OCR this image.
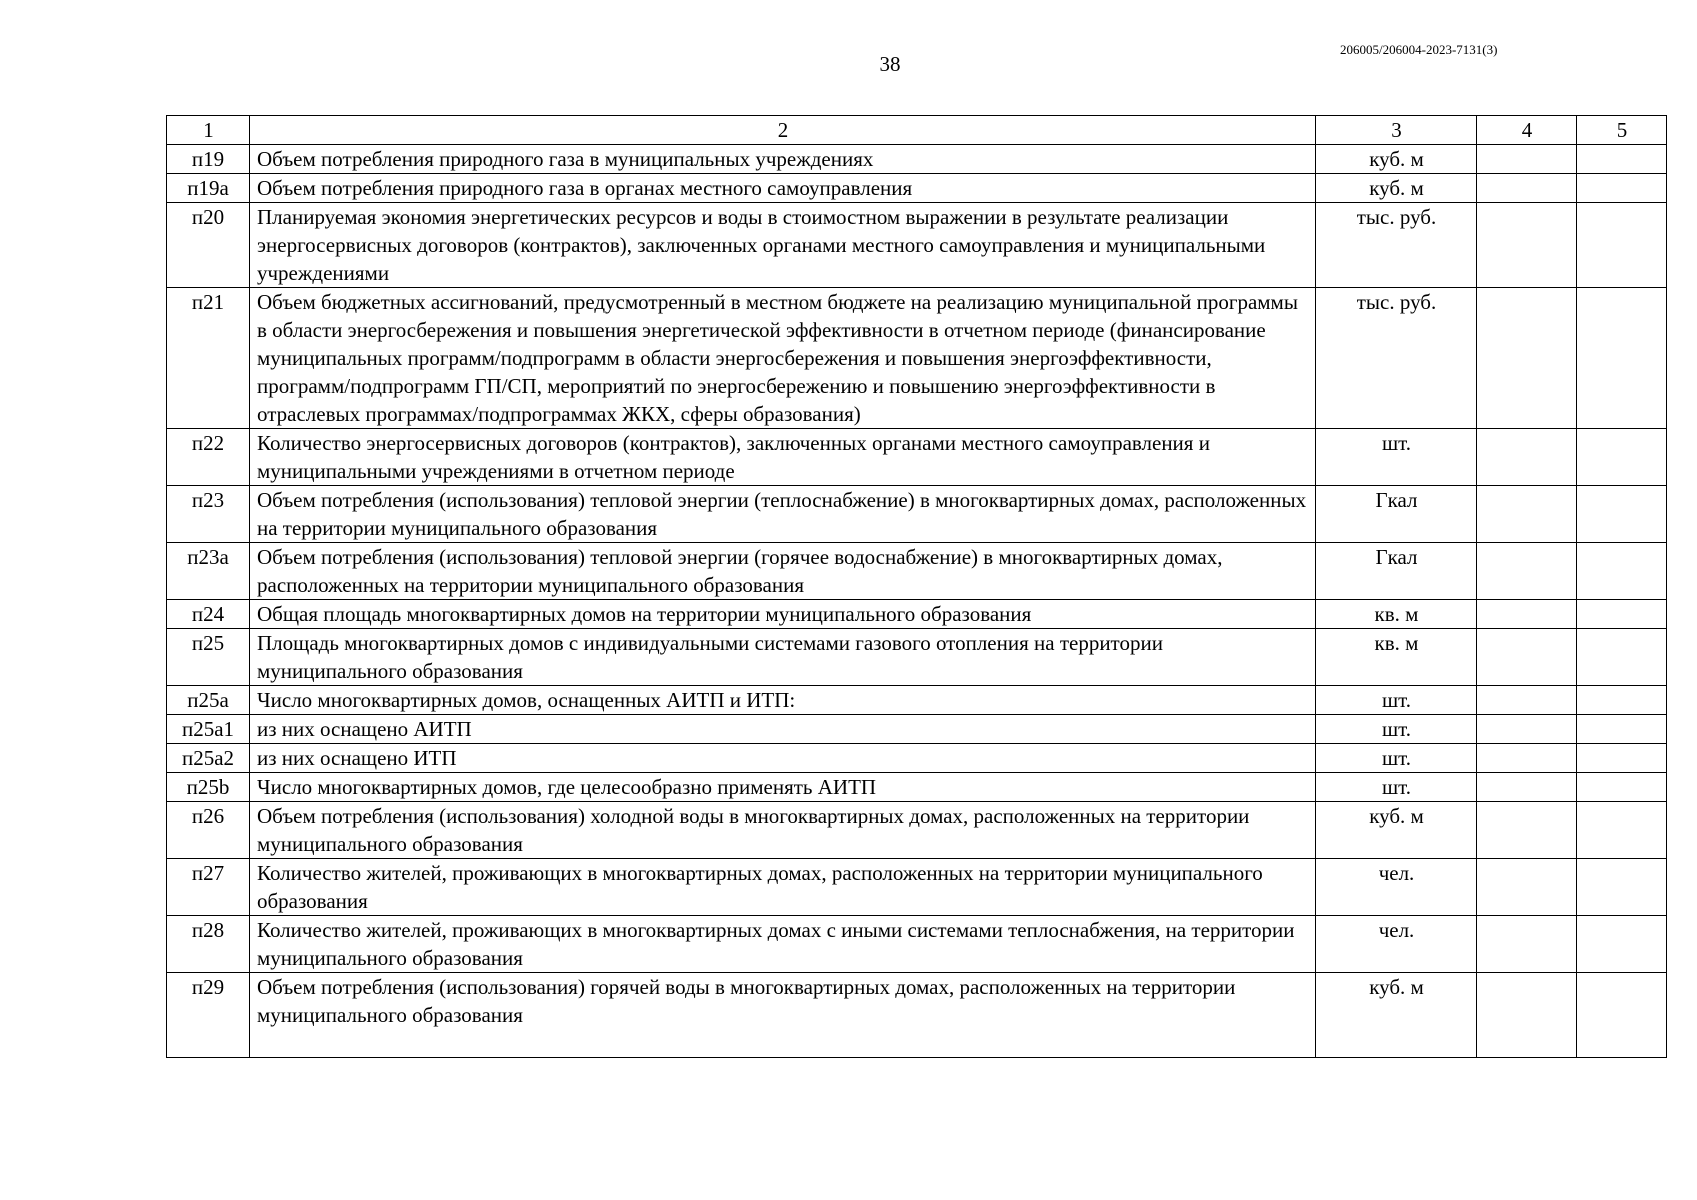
38
206005/206004-2023-7131(3)
1	2	3	4	5
п19	Объем потребления природного газа в муниципальных учреждениях	куб. м		
п19а	Объем потребления природного газа в органах местного самоуправления	куб. м		
п20	Планируемая экономия энергетических ресурсов и воды в стоимостном выражении в результате реализации энергосервисных договоров (контрактов), заключенных органами местного самоуправления и муниципальными учреждениями	тыс. руб.		
п21	Объем бюджетных ассигнований, предусмотренный в местном бюджете на реализацию муниципальной программы в области энергосбережения и повышения энергетической эффективности в отчетном периоде (финансирование муниципальных программ/подпрограмм в области энергосбережения и повышения энергоэффективности, программ/подпрограмм ГП/СП, мероприятий по энергосбережению и повышению энергоэффективности в отраслевых программах/подпрограммах ЖКХ, сферы образования)	тыс. руб.		
п22	Количество энергосервисных договоров (контрактов), заключенных органами местного самоуправления и муниципальными учреждениями в отчетном периоде	шт.		
п23	Объем потребления (использования) тепловой энергии (теплоснабжение) в многоквартирных домах, расположенных на территории муниципального образования	Гкал		
п23а	Объем потребления (использования) тепловой энергии (горячее водоснабжение) в многоквартирных домах, расположенных на территории муниципального образования	Гкал		
п24	Общая площадь многоквартирных домов на территории муниципального образования	кв. м		
п25	Площадь многоквартирных домов с индивидуальными системами газового отопления на территории муниципального образования	кв. м		
п25а	Число многоквартирных домов, оснащенных АИТП и ИТП:	шт.		
п25а1	из них оснащено АИТП	шт.		
п25а2	из них оснащено ИТП	шт.		
п25b	Число многоквартирных домов, где целесообразно применять АИТП	шт.		
п26	Объем потребления (использования) холодной воды в многоквартирных домах, расположенных на территории муниципального образования	куб. м		
п27	Количество жителей, проживающих в многоквартирных домах, расположенных на территории муниципального образования	чел.		
п28	Количество жителей, проживающих в многоквартирных домах с иными системами теплоснабжения, на территории муниципального образования	чел.		
п29	Объем потребления (использования) горячей воды в многоквартирных домах, расположенных на территории муниципального образования	куб. м		
